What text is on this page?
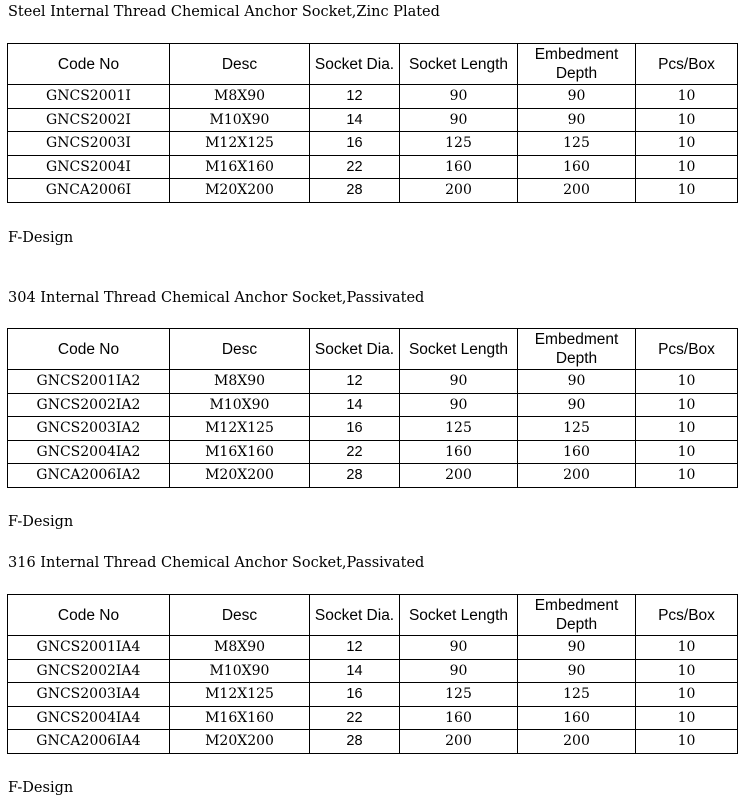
Steel Internal Thread Chemical Anchor Socket,Zinc Plated
Code No	Desc	Socket Dia.	Socket Length	Embedment Depth	Pcs/Box
GNCS2001I	M8X90	12	90	90	10
GNCS2002I	M10X90	14	90	90	10
GNCS2003I	M12X125	16	125	125	10
GNCS2004I	M16X160	22	160	160	10
GNCA2006I	M20X200	28	200	200	10
F-Design
304 Internal Thread Chemical Anchor Socket,Passivated
Code No	Desc	Socket Dia.	Socket Length	Embedment Depth	Pcs/Box
GNCS2001IA2	M8X90	12	90	90	10
GNCS2002IA2	M10X90	14	90	90	10
GNCS2003IA2	M12X125	16	125	125	10
GNCS2004IA2	M16X160	22	160	160	10
GNCA2006IA2	M20X200	28	200	200	10
F-Design
316 Internal Thread Chemical Anchor Socket,Passivated
Code No	Desc	Socket Dia.	Socket Length	Embedment Depth	Pcs/Box
GNCS2001IA4	M8X90	12	90	90	10
GNCS2002IA4	M10X90	14	90	90	10
GNCS2003IA4	M12X125	16	125	125	10
GNCS2004IA4	M16X160	22	160	160	10
GNCA2006IA4	M20X200	28	200	200	10
F-Design
